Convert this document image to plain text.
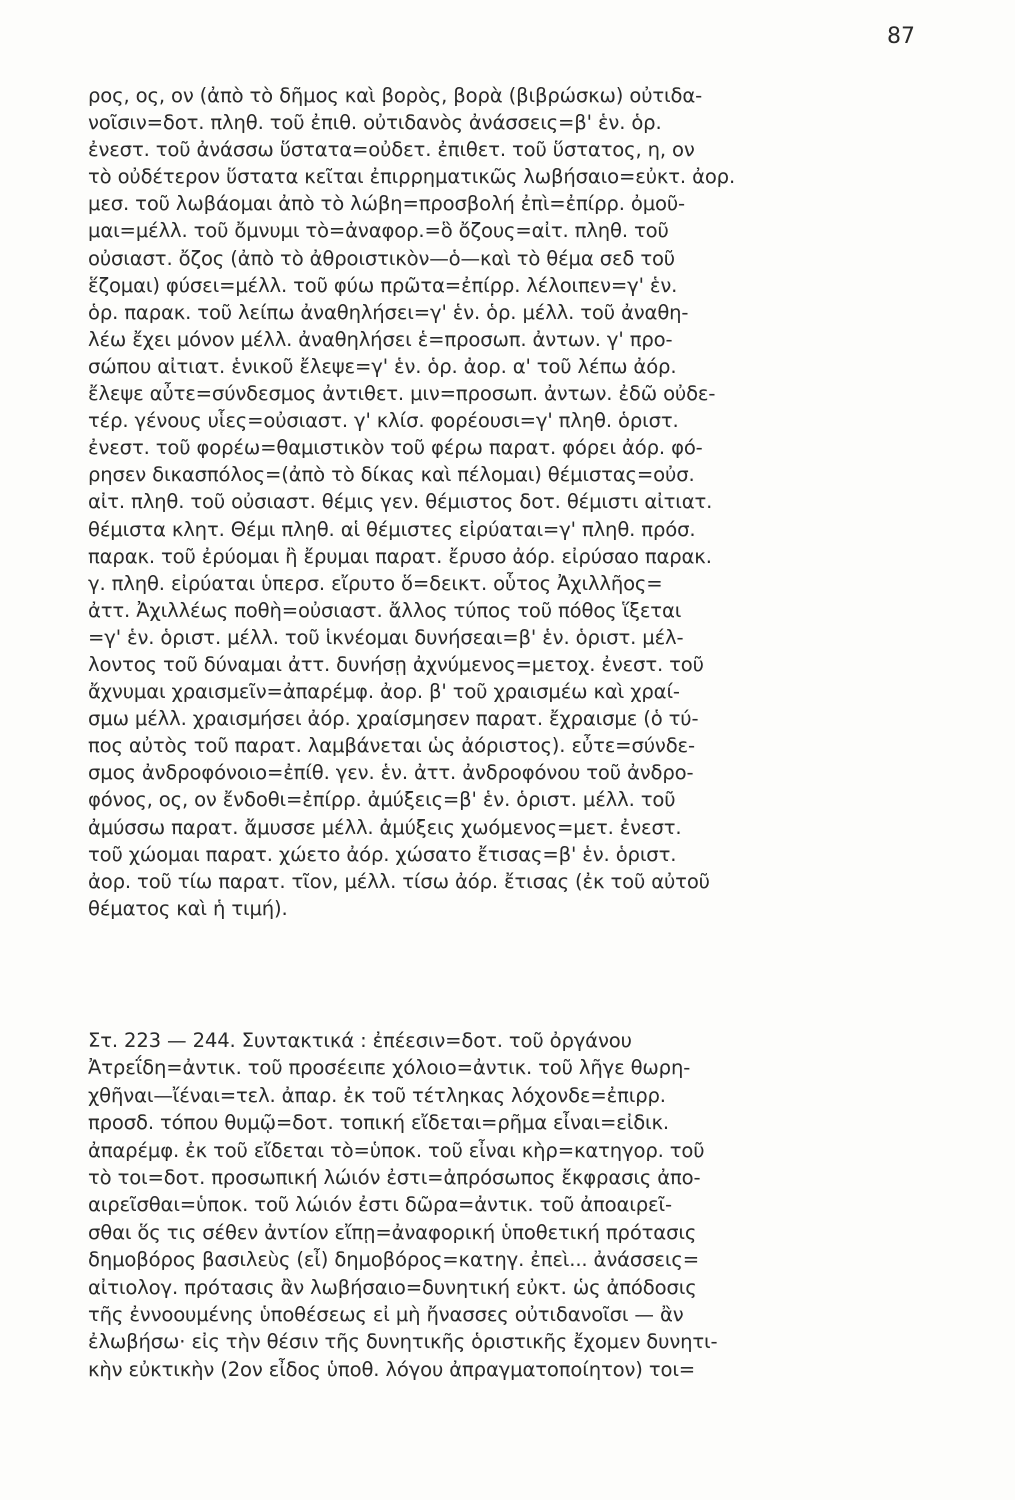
87
ρος, ος, ον (ἀπὸ τὸ δῆμος καὶ βορὸς, βορὰ (βιβρώσκω) οὐτιδα-
νοῖσιν=δοτ. πληθ. τοῦ ἐπιθ. οὐτιδανὸς ἀνάσσεις=β' ἑν. ὁρ.
ἐνεστ. τοῦ ἀνάσσω ὕστατα=οὐδετ. ἐπιθετ. τοῦ ὕστατος, η, ον
τὸ οὐδέτερον ὕστατα κεῖται ἐπιρρηματικῶς λωβήσαιο=εὐκτ. ἀορ.
μεσ. τοῦ λωβάομαι ἀπὸ τὸ λώβη=προσβολή ἐπὶ=ἐπίρρ. ὀμοῦ-
μαι=μέλλ. τοῦ ὄμνυμι τὸ=ἀναφορ.=ὃ ὄζους=αἰτ. πληθ. τοῦ
οὐσιαστ. ὄζος (ἀπὸ τὸ ἀθροιστικὸν—ὁ—καὶ τὸ θέμα σεδ τοῦ
ἕζομαι) φύσει=μέλλ. τοῦ φύω πρῶτα=ἐπίρρ. λέλοιπεν=γ' ἑν.
ὁρ. παρακ. τοῦ λείπω ἀναθηλήσει=γ' ἑν. ὁρ. μέλλ. τοῦ ἀναθη-
λέω ἔχει μόνον μέλλ. ἀναθηλήσει ἑ=προσωπ. ἀντων. γ' προ-
σώπου αἰτιατ. ἑνικοῦ ἔλεψε=γ' ἑν. ὁρ. ἀορ. α' τοῦ λέπω ἀόρ.
ἔλεψε αὖτε=σύνδεσμος ἀντιθετ. μιν=προσωπ. ἀντων. ἐδῶ οὐδε-
τέρ. γένους υἷες=οὐσιαστ. γ' κλίσ. φορέουσι=γ' πληθ. ὁριστ.
ἐνεστ. τοῦ φορέω=θαμιστικὸν τοῦ φέρω παρατ. φόρει ἀόρ. φό-
ρησεν δικασπόλος=(ἀπὸ τὸ δίκας καὶ πέλομαι) θέμιστας=οὐσ.
αἰτ. πληθ. τοῦ οὐσιαστ. θέμις γεν. θέμιστος δοτ. θέμιστι αἰτιατ.
θέμιστα κλητ. Θέμι πληθ. αἱ θέμιστες εἰρύαται=γ' πληθ. πρόσ.
παρακ. τοῦ ἐρύομαι ἢ ἔρυμαι παρατ. ἔρυσο ἀόρ. εἰρύσαο παρακ.
γ. πληθ. εἰρύαται ὑπερσ. εἴρυτο ὅ=δεικτ. οὗτος Ἀχιλλῆος=
ἀττ. Ἀχιλλέως ποθὴ=οὐσιαστ. ἄλλος τύπος τοῦ πόθος ἵξεται
=γ' ἑν. ὁριστ. μέλλ. τοῦ ἱκνέομαι δυνήσεαι=β' ἑν. ὁριστ. μέλ-
λοντος τοῦ δύναμαι ἀττ. δυνήσῃ ἀχνύμενος=μετοχ. ἐνεστ. τοῦ
ἄχνυμαι χραισμεῖν=ἀπαρέμφ. ἀορ. β' τοῦ χραισμέω καὶ χραί-
σμω μέλλ. χραισμήσει ἀόρ. χραίσμησεν παρατ. ἔχραισμε (ὁ τύ-
πος αὐτὸς τοῦ παρατ. λαμβάνεται ὡς ἀόριστος). εὖτε=σύνδε-
σμος ἀνδροφόνοιο=ἐπίθ. γεν. ἑν. ἀττ. ἀνδροφόνου τοῦ ἀνδρο-
φόνος, ος, ον ἔνδοθι=ἐπίρρ. ἀμύξεις=β' ἑν. ὁριστ. μέλλ. τοῦ
ἀμύσσω παρατ. ἄμυσσε μέλλ. ἀμύξεις χωόμενος=μετ. ἐνεστ.
τοῦ χώομαι παρατ. χώετο ἀόρ. χώσατο ἔτισας=β' ἑν. ὁριστ.
ἀορ. τοῦ τίω παρατ. τῖον, μέλλ. τίσω ἀόρ. ἔτισας (ἐκ τοῦ αὐτοῦ
θέματος καὶ ἡ τιμή).
Στ. 223 — 244. Συντακτικά : ἐπέεσιν=δοτ. τοῦ ὀργάνου
Ἀτρεΐδη=ἀντικ. τοῦ προσέειπε χόλοιο=ἀντικ. τοῦ λῆγε θωρη-
χθῆναι—ἴέναι=τελ. ἀπαρ. ἐκ τοῦ τέτληκας λόχονδε=ἐπιρρ.
προσδ. τόπου θυμῷ=δοτ. τοπική εἴδεται=ρῆμα εἶναι=εἰδικ.
ἀπαρέμφ. ἐκ τοῦ εἴδεται τὸ=ὑποκ. τοῦ εἶναι κὴρ=κατηγορ. τοῦ
τὸ τοι=δοτ. προσωπική λώιόν ἐστι=ἀπρόσωπος ἔκφρασις ἀπο-
αιρεῖσθαι=ὑποκ. τοῦ λώιόν ἐστι δῶρα=ἀντικ. τοῦ ἀποαιρεῖ-
σθαι ὅς τις σέθεν ἀντίον εἴπῃ=ἀναφορική ὑποθετική πρότασις
δημοβόρος βασιλεὺς (εἶ) δημοβόρος=κατηγ. ἐπεὶ... ἀνάσσεις=
αἰτιολογ. πρότασις ἂν λωβήσαιο=δυνητική εὐκτ. ὡς ἀπόδοσις
τῆς ἐννοουμένης ὑποθέσεως εἰ μὴ ἤνασσες οὐτιδανοῖσι — ἂν
ἐλωβήσω· εἰς τὴν θέσιν τῆς δυνητικῆς ὁριστικῆς ἔχομεν δυνητι-
κὴν εὐκτικὴν (2ον εἶδος ὑποθ. λόγου ἀπραγματοποίητον) τοι=
